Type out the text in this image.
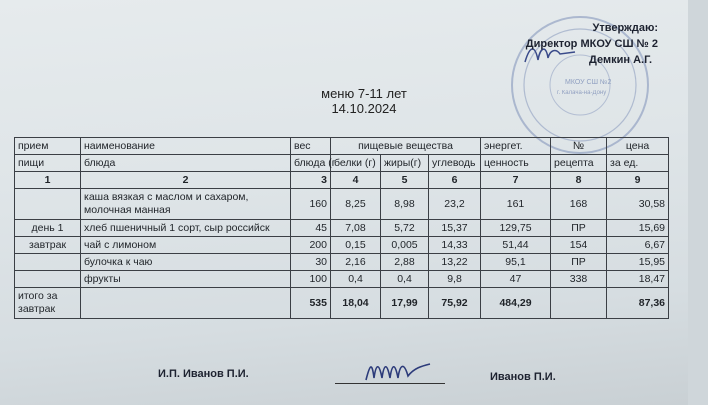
МКОУ СШ №2
г. Калача-на-Дону
Утверждаю:
Директор МКОУ СШ № 2
Демкин А.Г.
меню 7-11 лет
14.10.2024
прием	наименование	вес	пищевые вещества			энергет.	№	цена
пищи	блюда	блюда (г	белки (г)	жиры(г)	углеводь	ценность	рецепта	за ед.
1	2	3	4	5	6	7	8	9
	каша вязкая с маслом и сахаром, молочная манная	160	8,25	8,98	23,2	161	168	30,58
день 1	хлеб пшеничный 1 сорт, сыр российск	45	7,08	5,72	15,37	129,75	ПР	15,69
завтрак	чай с лимоном	200	0,15	0,005	14,33	51,44	154	6,67
	булочка к чаю	30	2,16	2,88	13,22	95,1	ПР	15,95
	фрукты	100	0,4	0,4	9,8	47	338	18,47
итого за завтрак		535	18,04	17,99	75,92	484,29		87,36
И.П. Иванов П.И.	Иванов П.И.
